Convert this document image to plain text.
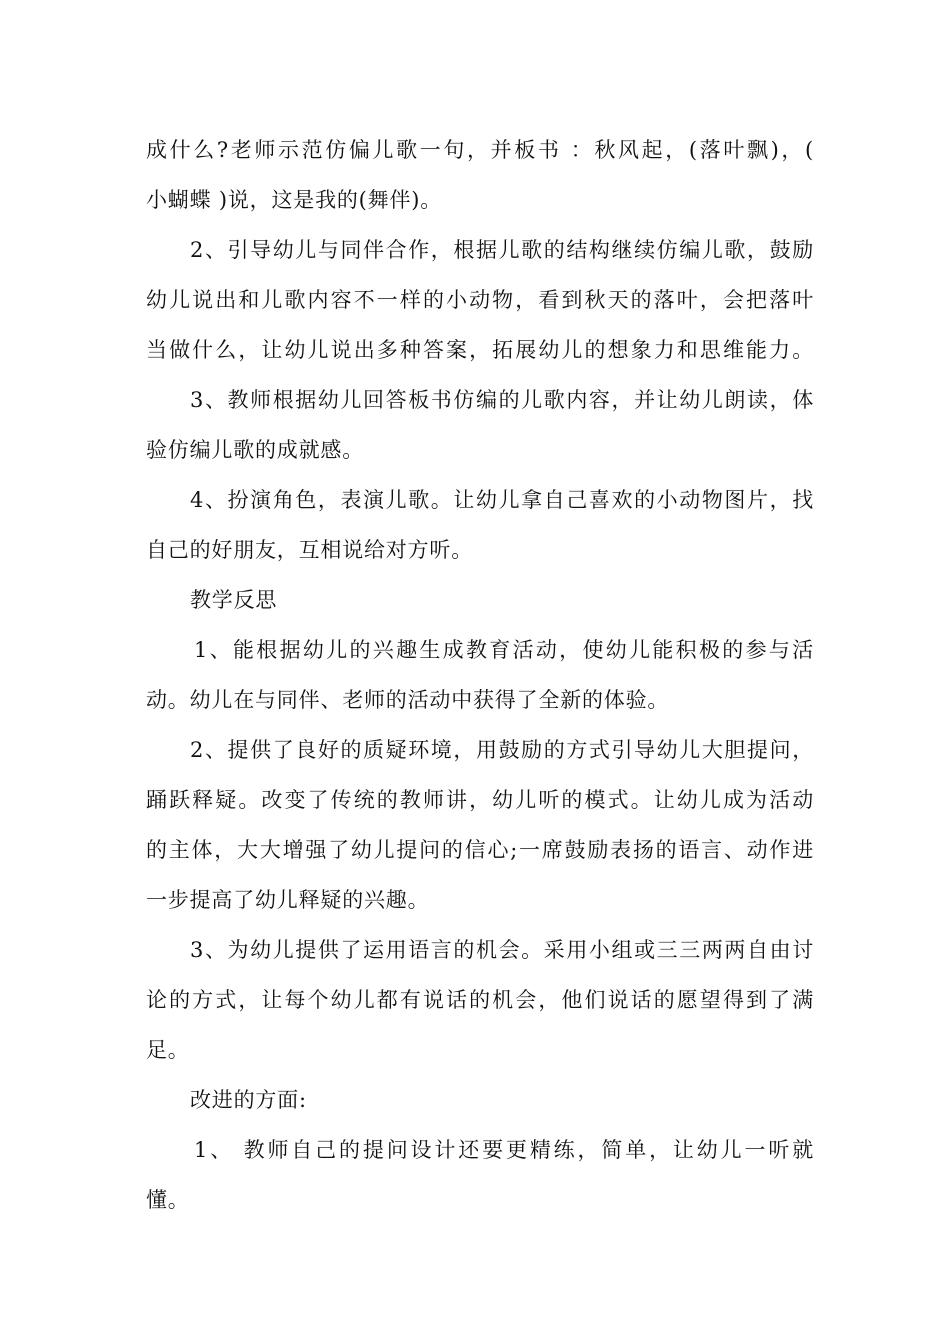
成什么?老师示范仿偏儿歌一句，并板书 ：秋风起，(落叶飘)，(
小蝴蝶 )说，这是我的(舞伴)。
2、引导幼儿与同伴合作，根据儿歌的结构继续仿编儿歌，鼓励
幼儿说出和儿歌内容不一样的小动物，看到秋天的落叶，会把落叶
当做什么，让幼儿说出多种答案，拓展幼儿的想象力和思维能力。
3、教师根据幼儿回答板书仿编的儿歌内容，并让幼儿朗读，体
验仿编儿歌的成就感。
4、扮演角色，表演儿歌。让幼儿拿自己喜欢的小动物图片，找
自己的好朋友，互相说给对方听。
教学反思
1、能根据幼儿的兴趣生成教育活动，使幼儿能积极的参与活
动。幼儿在与同伴、老师的活动中获得了全新的体验。
2、提供了良好的质疑环境，用鼓励的方式引导幼儿大胆提问，
踊跃释疑。改变了传统的教师讲，幼儿听的模式。让幼儿成为活动
的主体，大大增强了幼儿提问的信心;一席鼓励表扬的语言、动作进
一步提高了幼儿释疑的兴趣。
3、为幼儿提供了运用语言的机会。采用小组或三三两两自由讨
论的方式，让每个幼儿都有说话的机会，他们说话的愿望得到了满
足。
改进的方面:
1、 教师自己的提问设计还要更精练，简单，让幼儿一听就
懂。
